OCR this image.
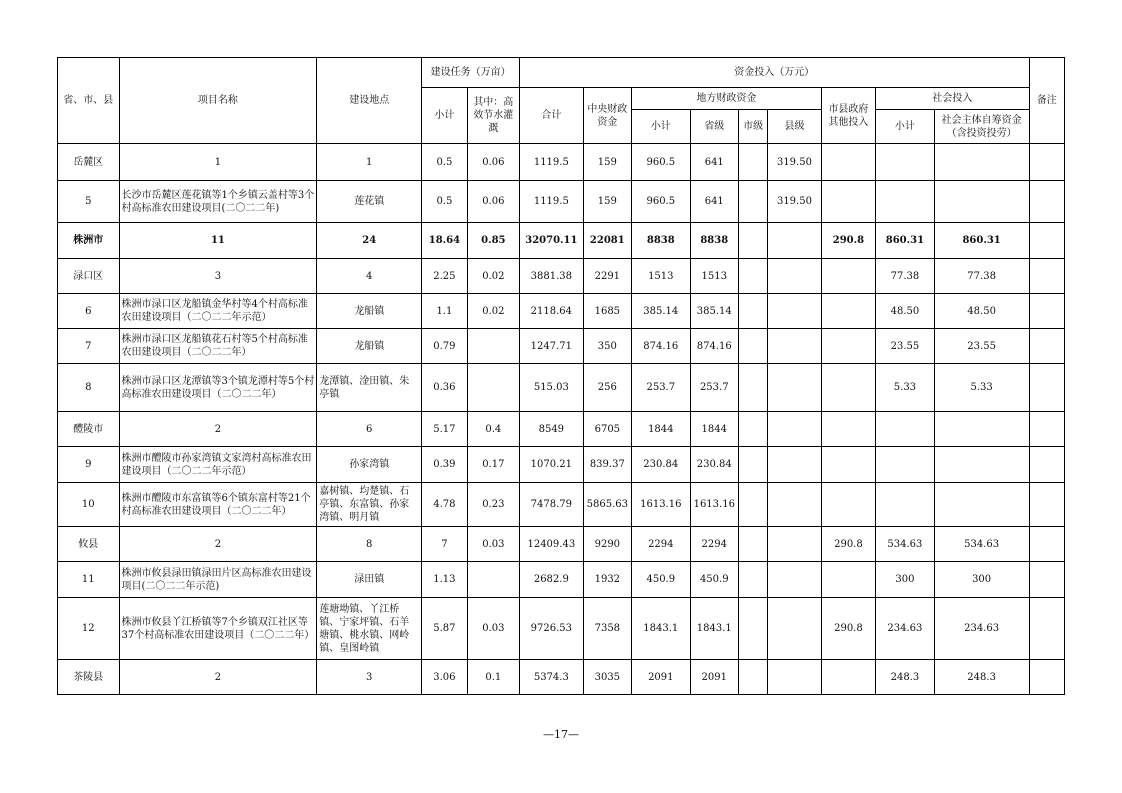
省、市、县	项目名称	建设地点	建设任务（万亩）		资金投入（万元）									备注
			小计	其中：高效节水灌溉	合计	中央财政资金	地方财政资金				市县政府其他投入	社会投入		
							小计	省级	市级	县级		小计	社会主体自筹资金（含投资投劳）	
岳麓区	1	1	0.5	0.06	1119.5	159	960.5	641		319.50				
5	长沙市岳麓区莲花镇等1个乡镇云盖村等3个村高标准农田建设项目(二〇二二年)	莲花镇	0.5	0.06	1119.5	159	960.5	641		319.50				
株洲市	11	24	18.64	0.85	32070.11	22081	8838	8838			290.8	860.31	860.31	
渌口区	3	4	2.25	0.02	3881.38	2291	1513	1513				77.38	77.38	
6	株洲市渌口区龙船镇金华村等4个村高标准农田建设项目（二〇二二年示范）	龙船镇	1.1	0.02	2118.64	1685	385.14	385.14				48.50	48.50	
7	株洲市渌口区龙船镇花石村等5个村高标准农田建设项目（二〇二二年）	龙船镇	0.79		1247.71	350	874.16	874.16				23.55	23.55	
8	株洲市渌口区龙潭镇等3个镇龙潭村等5个村高标准农田建设项目（二〇二二年）	龙潭镇、淦田镇、朱亭镇	0.36		515.03	256	253.7	253.7				5.33	5.33	
醴陵市	2	6	5.17	0.4	8549	6705	1844	1844						
9	株洲市醴陵市孙家湾镇文家湾村高标准农田建设项目（二〇二二年示范）	孙家湾镇	0.39	0.17	1070.21	839.37	230.84	230.84						
10	株洲市醴陵市东富镇等6个镇东富村等21个村高标准农田建设项目（二〇二二年）	嘉树镇、均楚镇、石亭镇、东富镇、孙家湾镇、明月镇	4.78	0.23	7478.79	5865.63	1613.16	1613.16						
攸县	2	8	7	0.03	12409.43	9290	2294	2294			290.8	534.63	534.63	
11	株洲市攸县渌田镇渌田片区高标准农田建设项目(二〇二二年示范)	渌田镇	1.13		2682.9	1932	450.9	450.9				300	300	
12	株洲市攸县丫江桥镇等7个乡镇双江社区等37个村高标准农田建设项目（二〇二二年）	莲塘坳镇、丫江桥镇、宁家坪镇、石羊塘镇、桃水镇、网岭镇、皇图岭镇	5.87	0.03	9726.53	7358	1843.1	1843.1			290.8	234.63	234.63	
茶陵县	2	3	3.06	0.1	5374.3	3035	2091	2091				248.3	248.3	
—17—
